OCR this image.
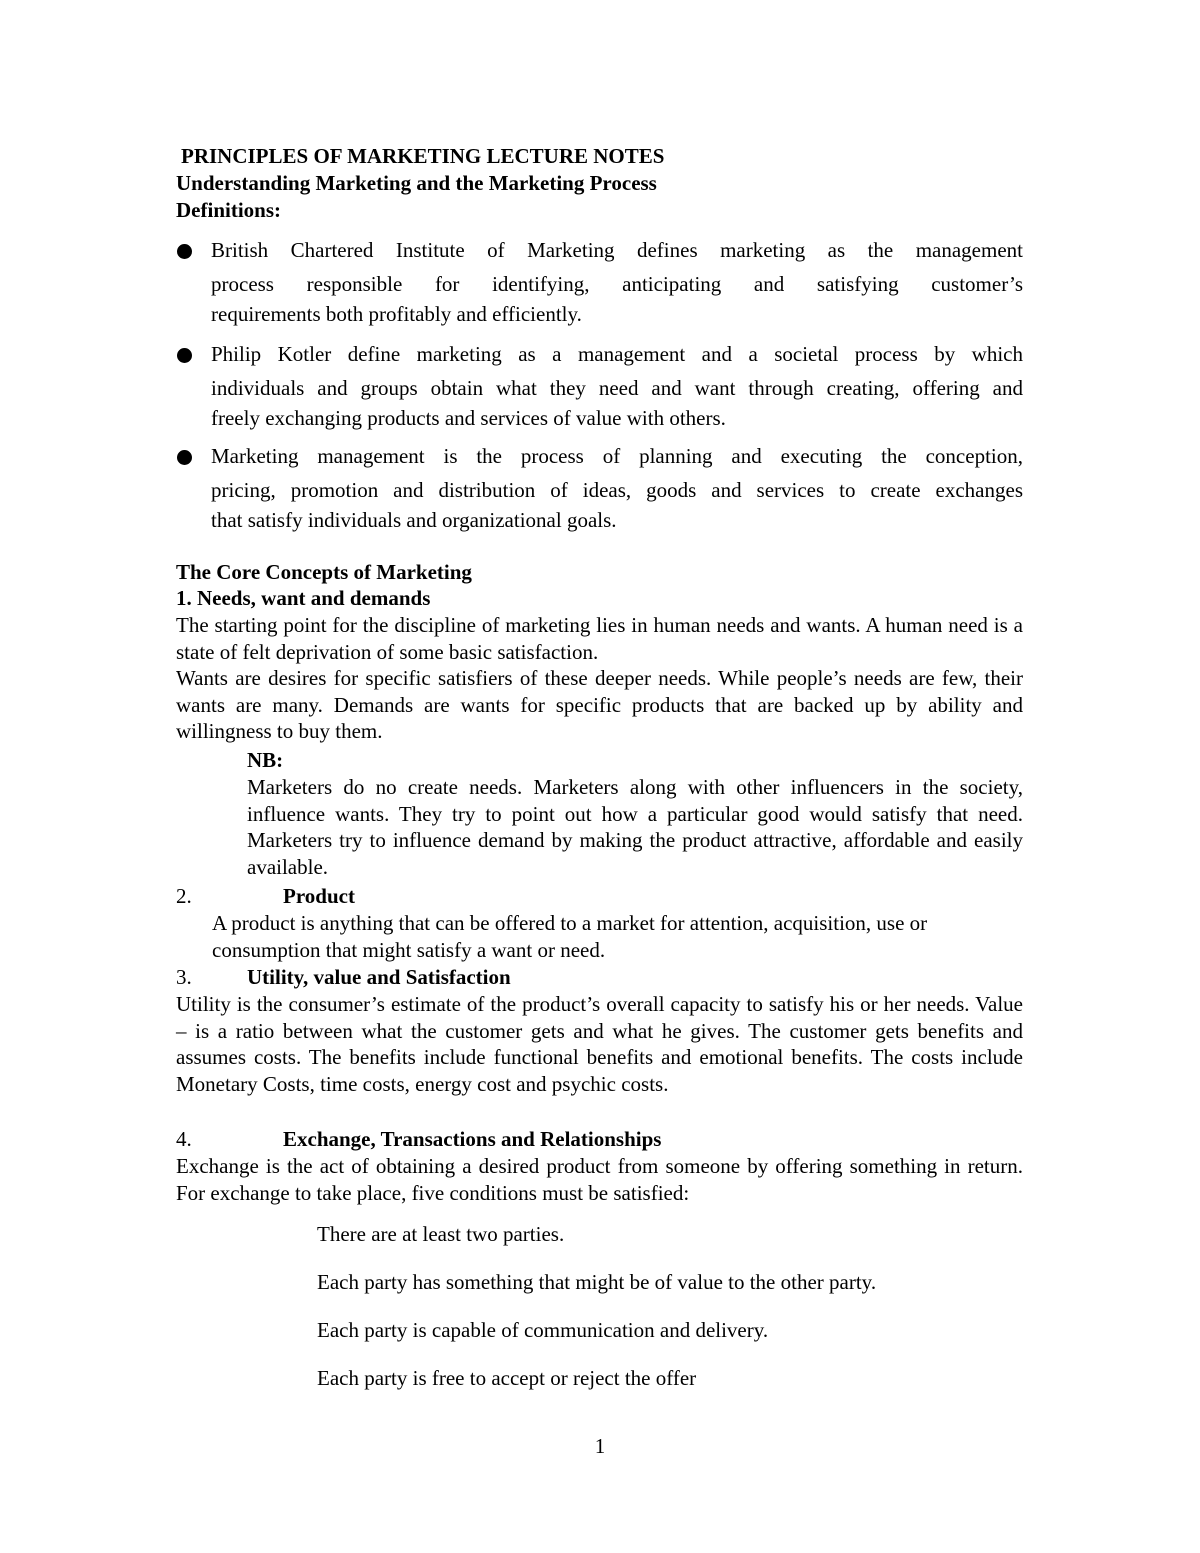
PRINCIPLES OF MARKETING LECTURE NOTES
Understanding Marketing and the Marketing Process
Definitions:
British Chartered Institute of Marketing defines marketing as the management
process responsible for identifying, anticipating and satisfying customer’s
requirements both profitably and efficiently.
Philip Kotler define marketing as a management and a societal process by which
individuals and groups obtain what they need and want through creating, offering and
freely exchanging products and services of value with others.
Marketing management is the process of planning and executing the conception,
pricing, promotion and distribution of ideas, goods and services to create exchanges
that satisfy individuals and organizational goals.
The Core Concepts of Marketing
1. Needs, want and demands
The starting point for the discipline of marketing lies in human needs and wants. A human need is a state of felt deprivation of some basic satisfaction.
Wants are desires for specific satisfiers of these deeper needs. While people’s needs are few, their wants are many. Demands are wants for specific products that are backed up by ability and willingness to buy them.
NB:
Marketers do no create needs. Marketers along with other influencers in the society, influence wants. They try to point out how a particular good would satisfy that need. Marketers try to influence demand by making the product attractive, affordable and easily available.
2.	Product
A product is anything that can be offered to a market for attention, acquisition, use or consumption that might satisfy a want or need.
3.	Utility, value and Satisfaction
Utility is the consumer’s estimate of the product’s overall capacity to satisfy his or her needs. Value – is a ratio between what the customer gets and what he gives. The customer gets benefits and assumes costs. The benefits include functional benefits and emotional benefits. The costs include Monetary Costs, time costs, energy cost and psychic costs.
4.	Exchange, Transactions and Relationships
Exchange is the act of obtaining a desired product from someone by offering something in return. For exchange to take place, five conditions must be satisfied:
There are at least two parties.
Each party has something that might be of value to the other party.
Each party is capable of communication and delivery.
Each party is free to accept or reject the offer
1
